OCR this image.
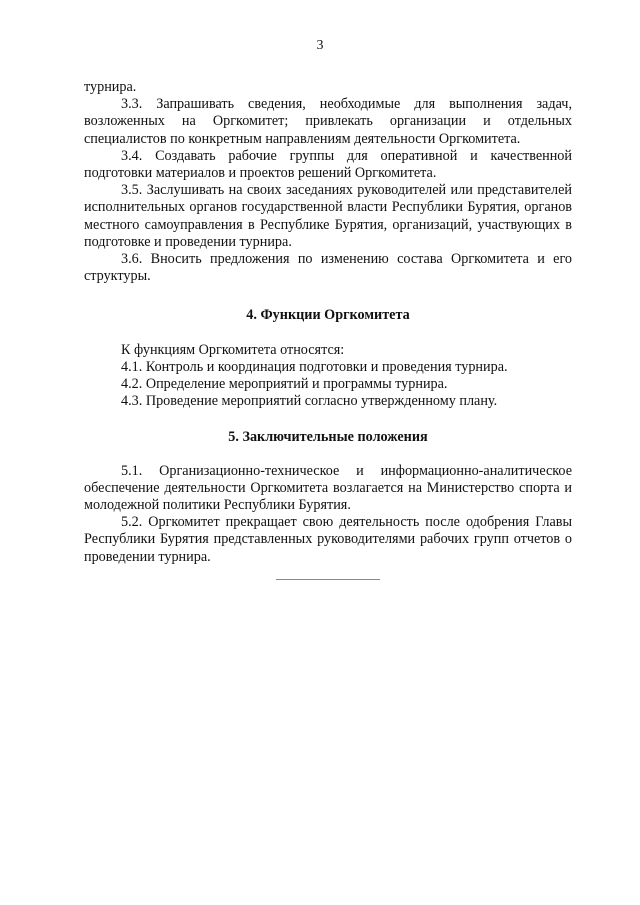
3

турнира.

3.3. Запрашивать сведения, необходимые для выполнения задач, возложенных на Оргкомитет; привлекать организации и отдельных специалистов по конкретным направлениям деятельности Оргкомитета.

3.4. Создавать рабочие группы для оперативной и качественной подготовки материалов и проектов решений Оргкомитета.

3.5. Заслушивать на своих заседаниях руководителей или представителей исполнительных органов государственной власти Республики Бурятия, органов местного самоуправления в Республике Бурятия, организаций, участвующих в подготовке и проведении турнира.

3.6. Вносить предложения по изменению состава Оргкомитета и его структуры.

4. Функции Оргкомитета

К функциям Оргкомитета относятся:

4.1. Контроль и координация подготовки и проведения турнира.

4.2. Определение мероприятий и программы турнира.

4.3. Проведение мероприятий согласно утвержденному плану.

5. Заключительные положения

5.1. Организационно-техническое и информационно-аналитическое обеспечение деятельности Оргкомитета возлагается на Министерство спорта и молодежной политики Республики Бурятия.

5.2. Оргкомитет прекращает свою деятельность после одобрения Главы Республики Бурятия представленных руководителями рабочих групп отчетов о проведении турнира.
